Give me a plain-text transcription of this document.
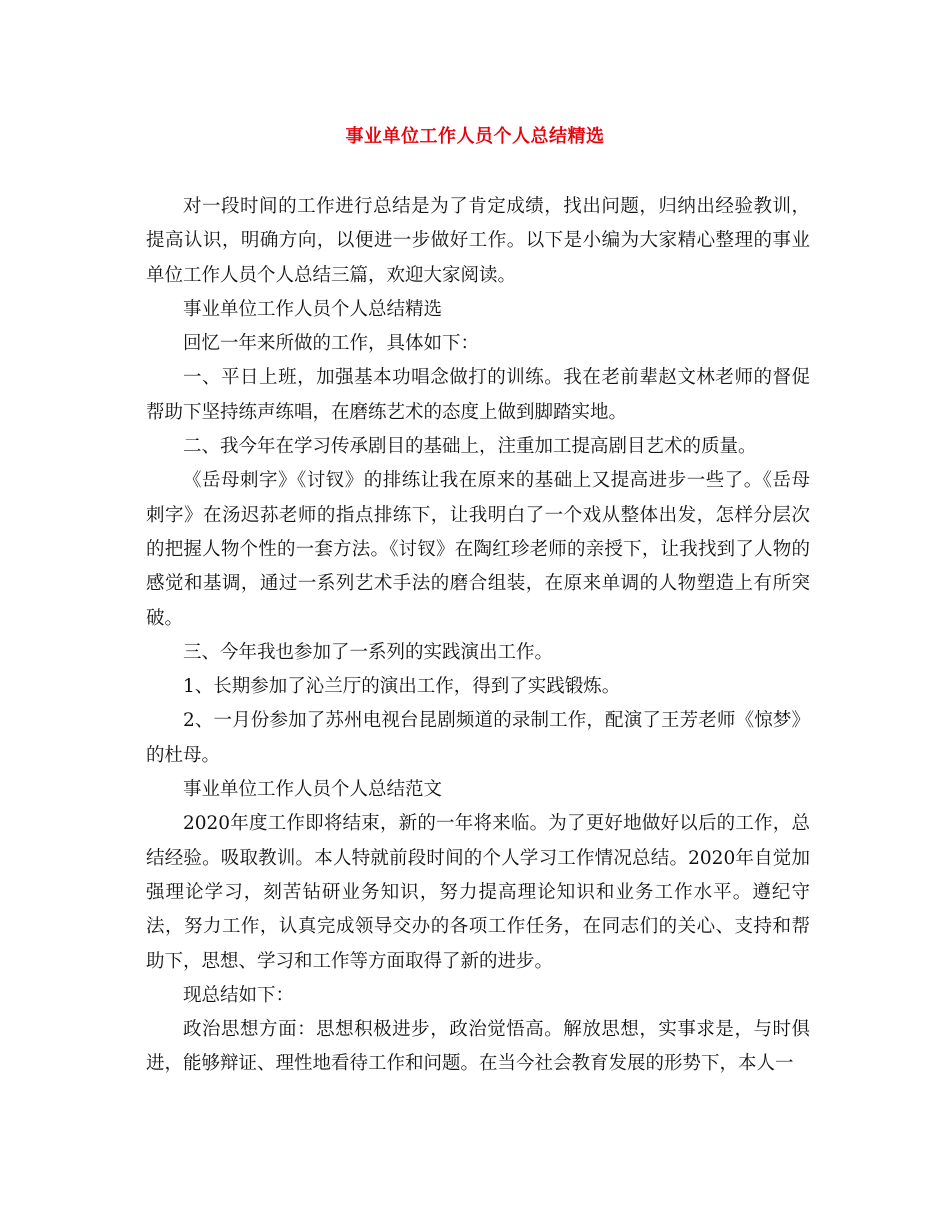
事业单位工作人员个人总结精选

对一段时间的工作进行总结是为了肯定成绩，找出问题，归纳出经验教训，提高认识，明确方向，以便进一步做好工作。以下是小编为大家精心整理的事业单位工作人员个人总结三篇，欢迎大家阅读。

事业单位工作人员个人总结精选

回忆一年来所做的工作，具体如下：

一、平日上班，加强基本功唱念做打的训练。我在老前辈赵文林老师的督促帮助下坚持练声练唱，在磨练艺术的态度上做到脚踏实地。

二、我今年在学习传承剧目的基础上，注重加工提高剧目艺术的质量。

《岳母刺字》《讨钗》的排练让我在原来的基础上又提高进步一些了。《岳母刺字》在汤迟荪老师的指点排练下，让我明白了一个戏从整体出发，怎样分层次的把握人物个性的一套方法。《讨钗》在陶红珍老师的亲授下，让我找到了人物的感觉和基调，通过一系列艺术手法的磨合组装，在原来单调的人物塑造上有所突破。

三、今年我也参加了一系列的实践演出工作。

1、长期参加了沁兰厅的演出工作，得到了实践锻炼。

2、一月份参加了苏州电视台昆剧频道的录制工作，配演了王芳老师《惊梦》的杜母。

事业单位工作人员个人总结范文

2020年度工作即将结束，新的一年将来临。为了更好地做好以后的工作，总结经验。吸取教训。本人特就前段时间的个人学习工作情况总结。2020年自觉加强理论学习，刻苦钻研业务知识，努力提高理论知识和业务工作水平。遵纪守法，努力工作，认真完成领导交办的各项工作任务，在同志们的关心、支持和帮助下，思想、学习和工作等方面取得了新的进步。

现总结如下：

政治思想方面：思想积极进步，政治觉悟高。解放思想，实事求是，与时俱进，能够辩证、理性地看待工作和问题。在当今社会教育发展的形势下，本人一
